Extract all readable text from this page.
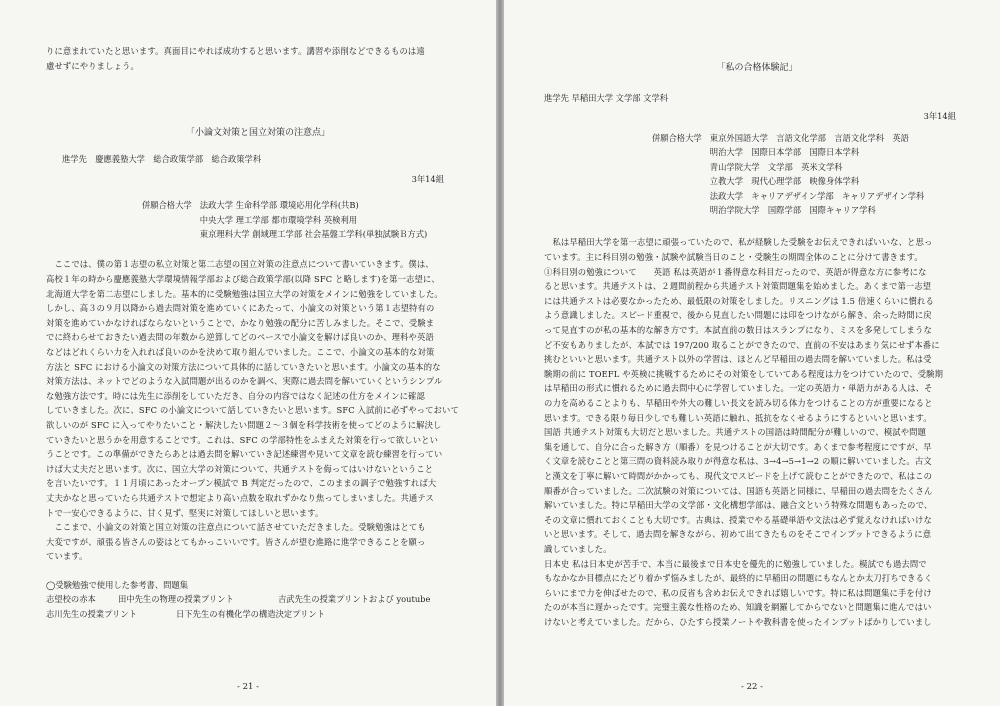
りに意まれていたと思います。真面目にやれば成功すると思います。講習や添削などできるものは遠

慮せずにやりましょう。

「小論文対策と国立対策の注意点」

進学先　慶應義塾大学　総合政策学部　総合政策学科

3年14組

併願合格大学 法政大学 生命科学部 環境応用化学科(共B)
中央大学 理工学部 都市環境学科 英検利用
東京理科大学 創域理工学部 社会基盤工学科(単独試験Ｂ方式)

　ここでは、僕の第１志望の私立対策と第二志望の国立対策の注意点について書いていきます。僕は、

高校１年の時から慶應義塾大学環境情報学部および総合政策学部(以降 SFC と略します)を第一志望に、

北海道大学を第二志望にしました。基本的に受験勉強は国立大学の対策をメインに勉強をしていました。

しかし、高３の９月以降から過去問対策を進めていくにあたって、小論文の対策という第１志望特有の

対策を進めていかなければならないということで、かなり勉強の配分に苦しみました。そこで、受験ま

でに終わらせておきたい過去問の年数から逆算してどのペースで小論文を解けば良いのか、理科や英語

などはどれくらい力を入れれば良いのかを決めて取り組んでいました。ここで、小論文の基本的な対策

方法と SFC における小論文の対策方法について具体的に話していきたいと思います。小論文の基本的な

対策方法は、ネットでどのような入試問題が出るのかを調べ、実際に過去問を解いていくというシンプル

な勉強方法です。時には先生に添削をしていただき、自分の内容ではなく記述の仕方をメインに確認

していきました。次に、SFC の小論文について話していきたいと思います。SFC 入試前に必ずやっておいて

欲しいのが SFC に入ってやりたいこと・解決したい問題２〜３個を科学技術を使ってどのように解決し

ていきたいと思うかを用意することです。これは、SFC の学部特性をふまえた対策を行って欲しいとい

うことです。この準備ができたらあとは過去問を解いていき記述練習や見いて文章を読む練習を行ってい

けば大丈夫だと思います。次に、国立大学の対策について、共通テストを侮ってはいけないということ

を言いたいです。１１月頃にあったオープン模試で B 判定だったので、このままの調子で勉強すれば大

丈夫かなと思っていたら共通テストで想定より高い点数を取れずかなり焦ってしまいました。共通テス

トで一安心できるように、甘く見ず、堅実に対策してほしいと思います。

　ここまで、小論文の対策と国立対策の注意点について話させていただきました。受験勉強はとても

大変ですが、頑張る皆さんの姿はとてもかっこいいです。皆さんが望む進路に進学できることを願っ

ています。

◯受験勉強で使用した参考書、問題集
志望校の赤本	田中先生の物理の授業プリント	吉武先生の授業プリントおよび youtube
志川先生の授業プリント	日下先生の有機化学の構造決定プリント
- 21 -

「私の合格体験記」

進学先 早稲田大学 文学部 文学科

3年14組

併願合格大学 東京外国語大学　言語文化学部　言語文化学科　英語
明治大学　国際日本学部　国際日本学科
青山学院大学　文学部　英米文学科
立教大学　現代心理学部　映像身体学科
法政大学　キャリアデザイン学部　キャリアデザイン学科
明治学院大学　国際学部　国際キャリア学科

　私は早稲田大学を第一志望に頑張っていたので、私が経験した受験をお伝えできればいいな、と思っ

ています。主に科目別の勉強・試験や試験当日のこと・受験生の期間全体のことに分けて書きます。

①科目別の勉強について　　英語 私は英語が１番得意な科目だったので、英語が得意な方に参考にな

ると思います。共通テストは、２週間前程から共通テスト対策問題集を始めました。あくまで第一志望

には共通テストは必要なかったため、最低限の対策をしました。リスニングは 1.5 倍速くらいに慣れる

よう意識しました。スピード重視で、後から見直したい問題には印をつけながら解き、余った時間に戻

って見直すのが私の基本的な解き方です。本試直前の数日はスランプになり、ミスを多発してしまうな

ど不安もありましたが、本試では 197/200 取ることができたので、直前の不安はあまり気にせず本番に

挑むといいと思います。共通テスト以外の学習は、ほとんど早稲田の過去問を解いていました。私は受

験期の前に TOEFL や英検に挑戦するためにその対策をしていてある程度は力をつけていたので、受験期

は早稲田の形式に慣れるために過去問中心に学習していました。一定の英語力・単語力がある人は、そ

の力を高めることよりも、早稲田や外大の難しい長文を読み切る体力をつけることの方が重要になると

思います。できる限り毎日少しでも難しい英語に触れ、抵抗をなくせるようにするといいと思います。

国語 共通テスト対策も大切だと思いました。共通テストの国語は時間配分が難しいので、模試や問題

集を通して、自分に合った解き方（順番）を見つけることが大切です。あくまで参考程度にですが、早

く文章を読むことと第三問の資料読み取りが得意な私は、3→4→5→1→2 の順に解いていました。古文

と漢文を丁寧に解いて時間がかかっても、現代文でスピードを上げて読むことができたので、私はこの

順番が合っていました。二次試験の対策については、国語も英語と同様に、早稲田の過去問をたくさん

解いていました。特に早稲田大学の文学部・文化構想学部は、融合文という特殊な問題もあったので、

その文章に慣れておくことも大切です。古典は、授業でやる基礎単語や文法は必ず覚えなければいけな

いと思います。そして、過去問を解きながら、初めて出てきたものをそこでインプットできるように意

識していました。

日本史 私は日本史が苦手で、本当に最後まで日本史を優先的に勉強していました。模試でも過去問で

もなかなか目標点にたどり着かず悩みましたが、最終的に早稲田の問題にもなんとか太刀打ちできるく

らいにまで力を伸ばせたので、私の反省も含めお伝えできれば嬉しいです。特に私は問題集に手を付け

たのが本当に遅かったです。完璧主義な性格のため、知識を網羅してからでないと問題集に進んではい

けないと考えていました。だから、ひたすら授業ノートや教科書を使ったインプットばかりしていまし

- 22 -
